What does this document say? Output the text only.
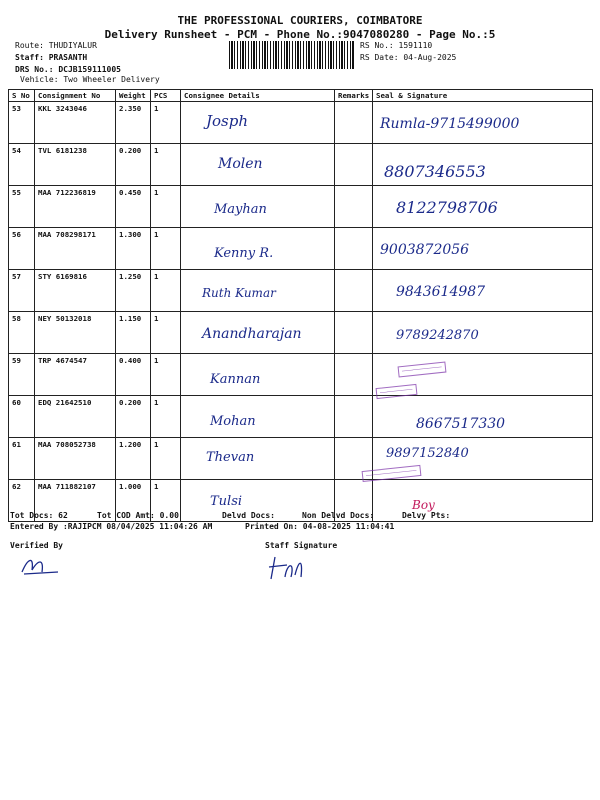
THE PROFESSIONAL COURIERS, COIMBATORE
Delivery Runsheet - PCM - Phone No.:9047080280 - Page No.:5
Route: THUDIYALUR
Staff: PRASANTH
DRS No.: DCJB159111005
Vehicle: Two Wheeler Delivery
RS No.: 1591110
RS Date: 04-Aug-2025
S No	Consignment No	Weight	PCS	Consignee Details	Remarks	Seal & Signature
53	KKL 3243046	2.350	1	Josph		Rumla-9715499000

54	TVL 6181238	0.200	1	Molen		8807346553

55	MAA 712236819	0.450	1	Mayhan		8122798706

56	MAA 708298171	1.300	1	Kenny R.		9003872056

57	STY 6169816	1.250	1	Ruth Kumar		9843614987

58	NEY 50132018	1.150	1	Anandharajan		9789242870

59	TRP 4674547	0.400	1	Kannan		

60	EDQ 21642510	0.200	1	Mohan		8667517330

61	MAA 708052738	1.200	1	Thevan		9897152840

62	MAA 711882107	1.000	1	Tulsi		Boy
───────────
─────────
──────────────
Tot Docs: 62	Tot COD Amt: 0.00	Delvd Docs:	Non Delvd Docs:	Delvy Pts:
Entered By :RAJIPCM 08/04/2025 11:04:26 AM	Printed On: 04-08-2025 11:04:41
Verified By	Staff Signature
